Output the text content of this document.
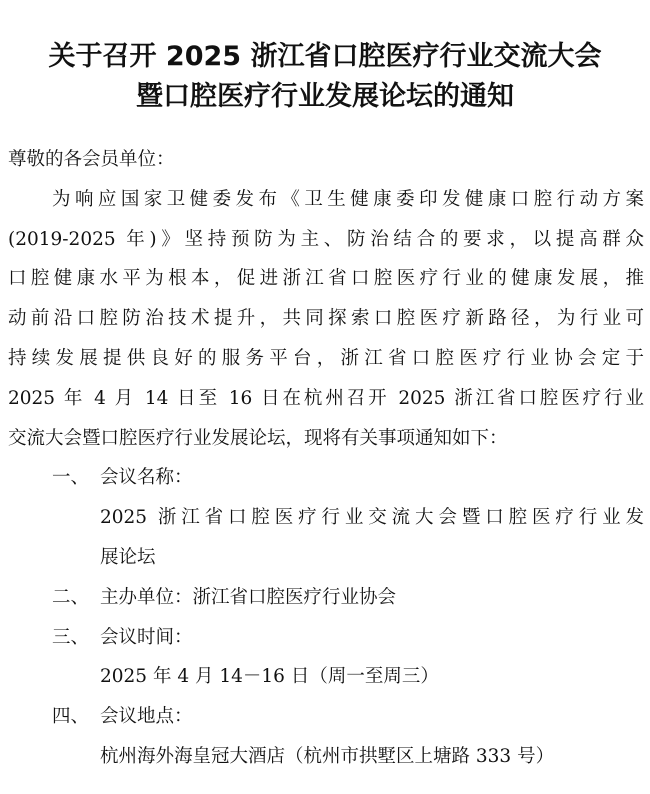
关于召开 2025 浙江省口腔医疗行业交流大会
暨口腔医疗行业发展论坛的通知
尊敬的各会员单位：
为响应国家卫健委发布《卫生健康委印发健康口腔行动方案
(2019-2025 年)》坚持预防为主、防治结合的要求，以提高群众
口腔健康水平为根本，促进浙江省口腔医疗行业的健康发展，推
动前沿口腔防治技术提升，共同探索口腔医疗新路径，为行业可
持续发展提供良好的服务平台，浙江省口腔医疗行业协会定于
2025 年 4 月 14 日至 16 日在杭州召开 2025 浙江省口腔医疗行业
交流大会暨口腔医疗行业发展论坛，现将有关事项通知如下：
一、 会议名称：
2025 浙江省口腔医疗行业交流大会暨口腔医疗行业发
展论坛
二、 主办单位：浙江省口腔医疗行业协会
三、 会议时间：
2025 年 4 月 14－16 日（周一至周三）
四、 会议地点：
杭州海外海皇冠大酒店（杭州市拱墅区上塘路 333 号）
